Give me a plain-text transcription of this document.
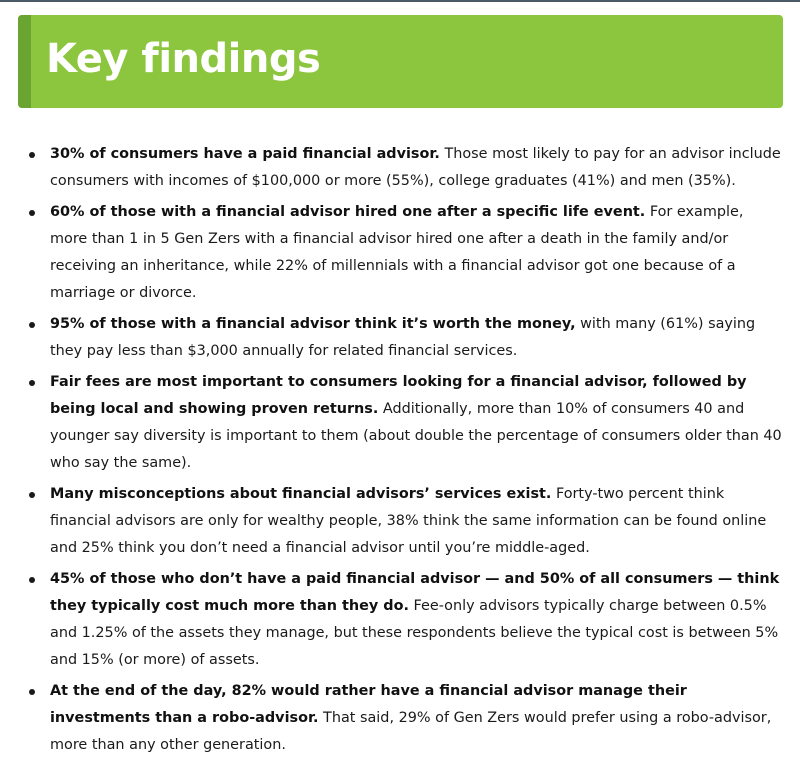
Key findings
30% of consumers have a paid financial advisor. Those most likely to pay for an advisor include consumers with incomes of $100,000 or more (55%), college graduates (41%) and men (35%).
60% of those with a financial advisor hired one after a specific life event. For example, more than 1 in 5 Gen Zers with a financial advisor hired one after a death in the family and/or receiving an inheritance, while 22% of millennials with a financial advisor got one because of a marriage or divorce.
95% of those with a financial advisor think it’s worth the money, with many (61%) saying they pay less than $3,000 annually for related financial services.
Fair fees are most important to consumers looking for a financial advisor, followed by being local and showing proven returns. Additionally, more than 10% of consumers 40 and younger say diversity is important to them (about double the percentage of consumers older than 40 who say the same).
Many misconceptions about financial advisors’ services exist. Forty-two percent think financial advisors are only for wealthy people, 38% think the same information can be found online and 25% think you don’t need a financial advisor until you’re middle-aged.
45% of those who don’t have a paid financial advisor — and 50% of all consumers — think they typically cost much more than they do. Fee-only advisors typically charge between 0.5% and 1.25% of the assets they manage, but these respondents believe the typical cost is between 5% and 15% (or more) of assets.
At the end of the day, 82% would rather have a financial advisor manage their investments than a robo-advisor. That said, 29% of Gen Zers would prefer using a robo-advisor, more than any other generation.
